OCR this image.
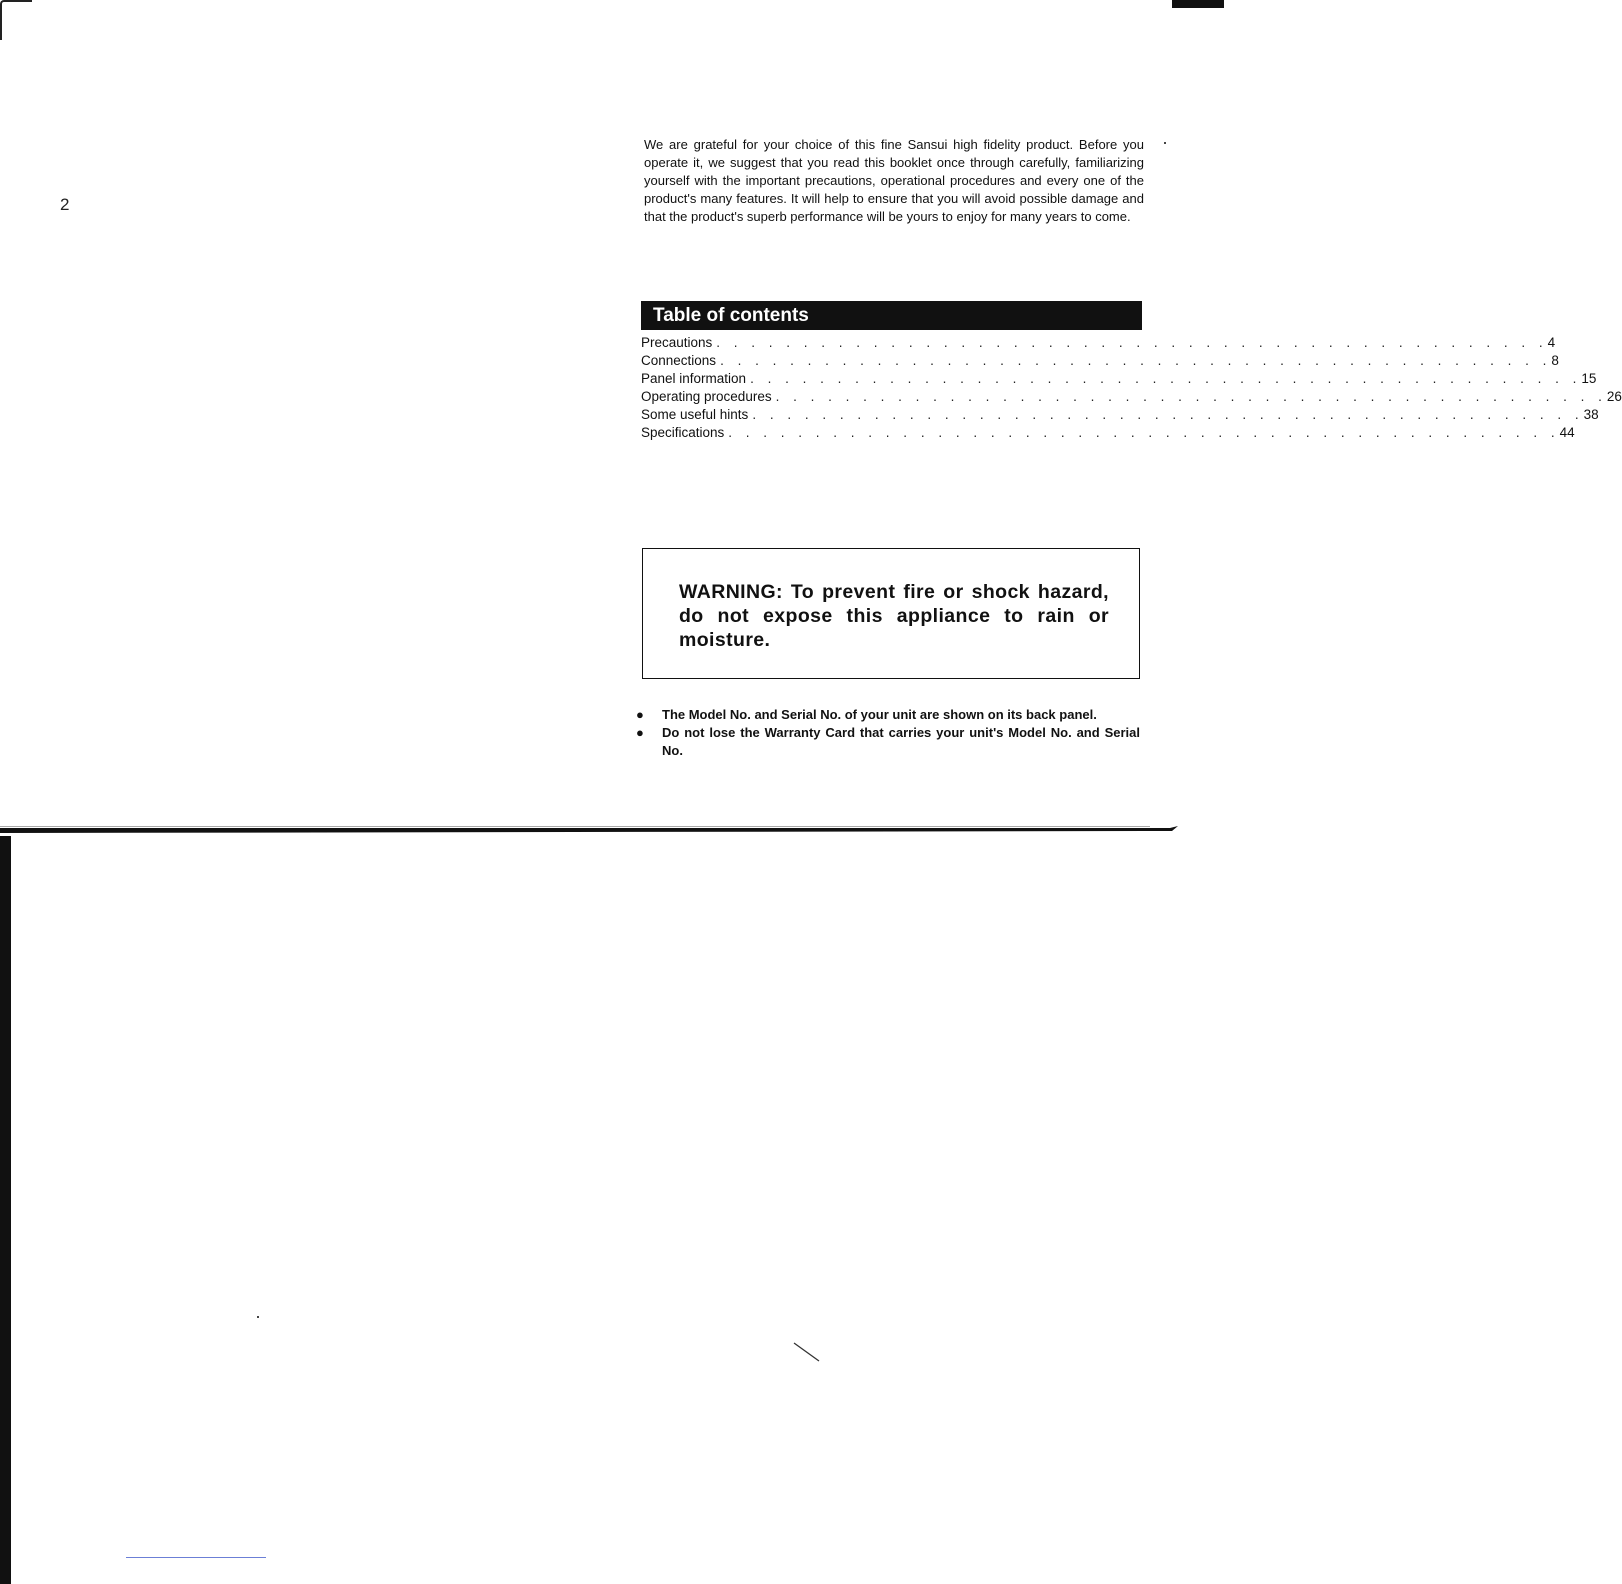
2

We are grateful for your choice of this fine Sansui high fidelity product. Before you operate it, we suggest that you read this booklet once through carefully, familiarizing yourself with the important precautions, operational procedures and every one of the product's many features. It will help to ensure that you will avoid possible damage and that the product's superb performance will be yours to enjoy for many years to come.

Table of contents
Precautions . . . . . . . . . . . . . . . . . . . . . . . . . . . . . . . . . . . . . . . . . . . . . . . . 4
Connections . . . . . . . . . . . . . . . . . . . . . . . . . . . . . . . . . . . . . . . . . . . . . . . . 8
Panel information . . . . . . . . . . . . . . . . . . . . . . . . . . . . . . . . . . . . . . . . . . . . . . . . 15
Operating procedures . . . . . . . . . . . . . . . . . . . . . . . . . . . . . . . . . . . . . . . . . . . . . . . . 26
Some useful hints . . . . . . . . . . . . . . . . . . . . . . . . . . . . . . . . . . . . . . . . . . . . . . . . 38
Specifications . . . . . . . . . . . . . . . . . . . . . . . . . . . . . . . . . . . . . . . . . . . . . . . . 44

WARNING: To prevent fire or shock hazard, do not expose this appliance to rain or moisture.

● The Model No. and Serial No. of your unit are shown on its back panel.
● Do not lose the Warranty Card that carries your unit's Model No. and Serial No.
